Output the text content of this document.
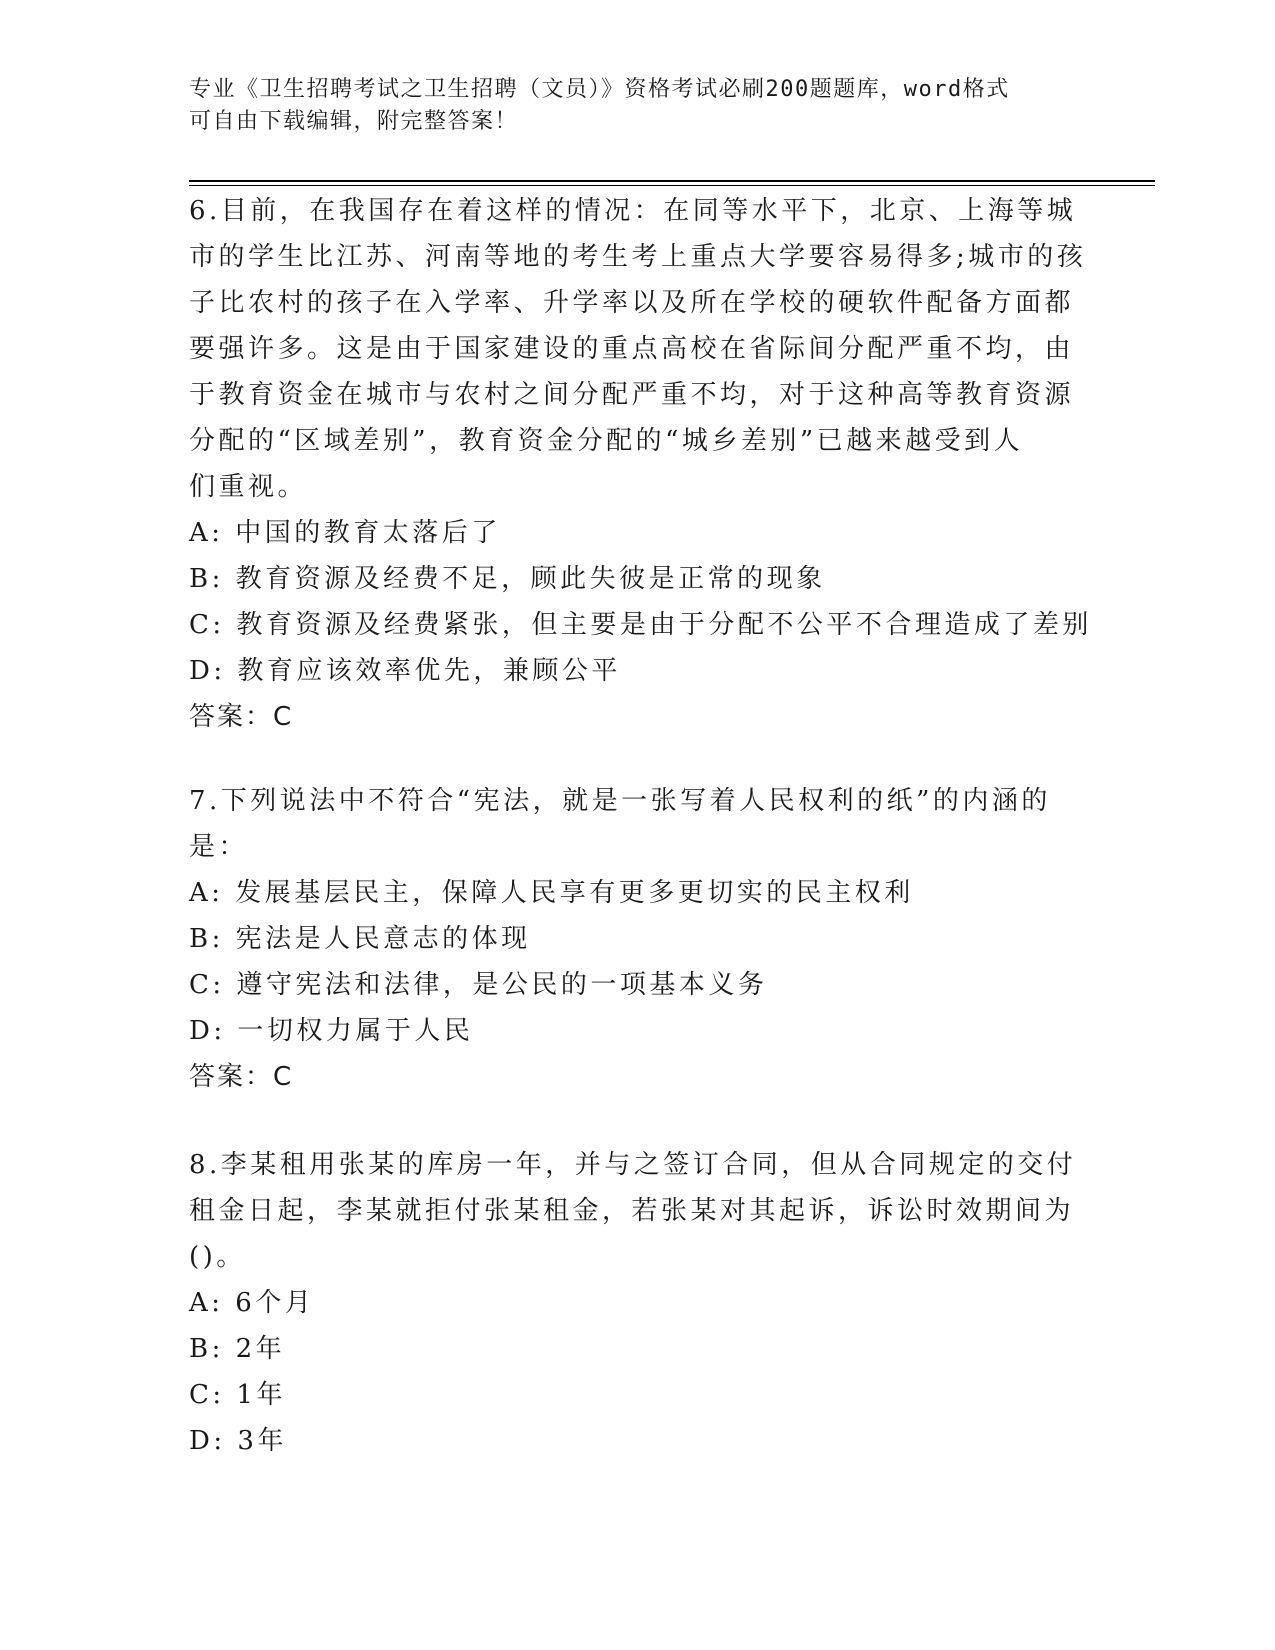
专业《卫生招聘考试之卫生招聘（文员）》资格考试必刷200题题库，word格式
可自由下载编辑，附完整答案！
6.目前，在我国存在着这样的情况：在同等水平下，北京、上海等城
市的学生比江苏、河南等地的考生考上重点大学要容易得多;城市的孩
子比农村的孩子在入学率、升学率以及所在学校的硬软件配备方面都
要强许多。这是由于国家建设的重点高校在省际间分配严重不均，由
于教育资金在城市与农村之间分配严重不均，对于这种高等教育资源
分配的“区域差别”，教育资金分配的“城乡差别”已越来越受到人
们重视。
A: 中国的教育太落后了
B: 教育资源及经费不足，顾此失彼是正常的现象
C: 教育资源及经费紧张，但主要是由于分配不公平不合理造成了差别
D: 教育应该效率优先，兼顾公平
答案：C
7.下列说法中不符合“宪法，就是一张写着人民权利的纸”的内涵的
是：
A: 发展基层民主，保障人民享有更多更切实的民主权利
B: 宪法是人民意志的体现
C: 遵守宪法和法律，是公民的一项基本义务
D: 一切权力属于人民
答案：C
8.李某租用张某的库房一年，并与之签订合同，但从合同规定的交付
租金日起，李某就拒付张某租金，若张某对其起诉，诉讼时效期间为
()。
A: 6个月
B: 2年
C: 1年
D: 3年
